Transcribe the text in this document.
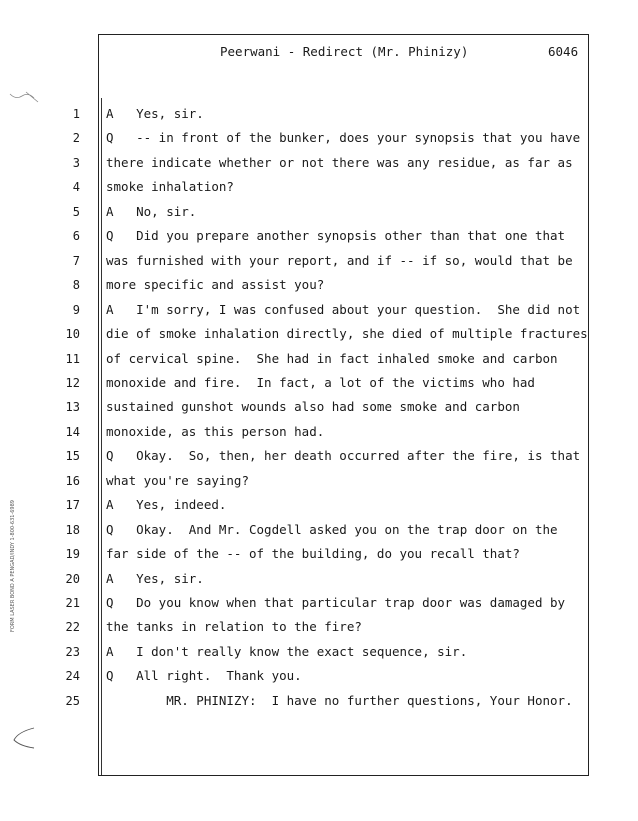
Peerwani - Redirect (Mr. Phinizy)	6046
FORM LASER BOND A PENGAD/INDY 1-800-631-6989
1 A   Yes, sir.
2 Q   -- in front of the bunker, does your synopsis that you have
3 there indicate whether or not there was any residue, as far as
4 smoke inhalation?
5 A   No, sir.
6 Q   Did you prepare another synopsis other than that one that
7 was furnished with your report, and if -- if so, would that be
8 more specific and assist you?
9 A   I'm sorry, I was confused about your question.  She did not
10 die of smoke inhalation directly, she died of multiple fractures
11 of cervical spine.  She had in fact inhaled smoke and carbon
12 monoxide and fire.  In fact, a lot of the victims who had
13 sustained gunshot wounds also had some smoke and carbon
14 monoxide, as this person had.
15 Q   Okay.  So, then, her death occurred after the fire, is that
16 what you're saying?
17 A   Yes, indeed.
18 Q   Okay.  And Mr. Cogdell asked you on the trap door on the
19 far side of the -- of the building, do you recall that?
20 A   Yes, sir.
21 Q   Do you know when that particular trap door was damaged by
22 the tanks in relation to the fire?
23 A   I don't really know the exact sequence, sir.
24 Q   All right.  Thank you.
25 MR. PHINIZY:  I have no further questions, Your Honor.
